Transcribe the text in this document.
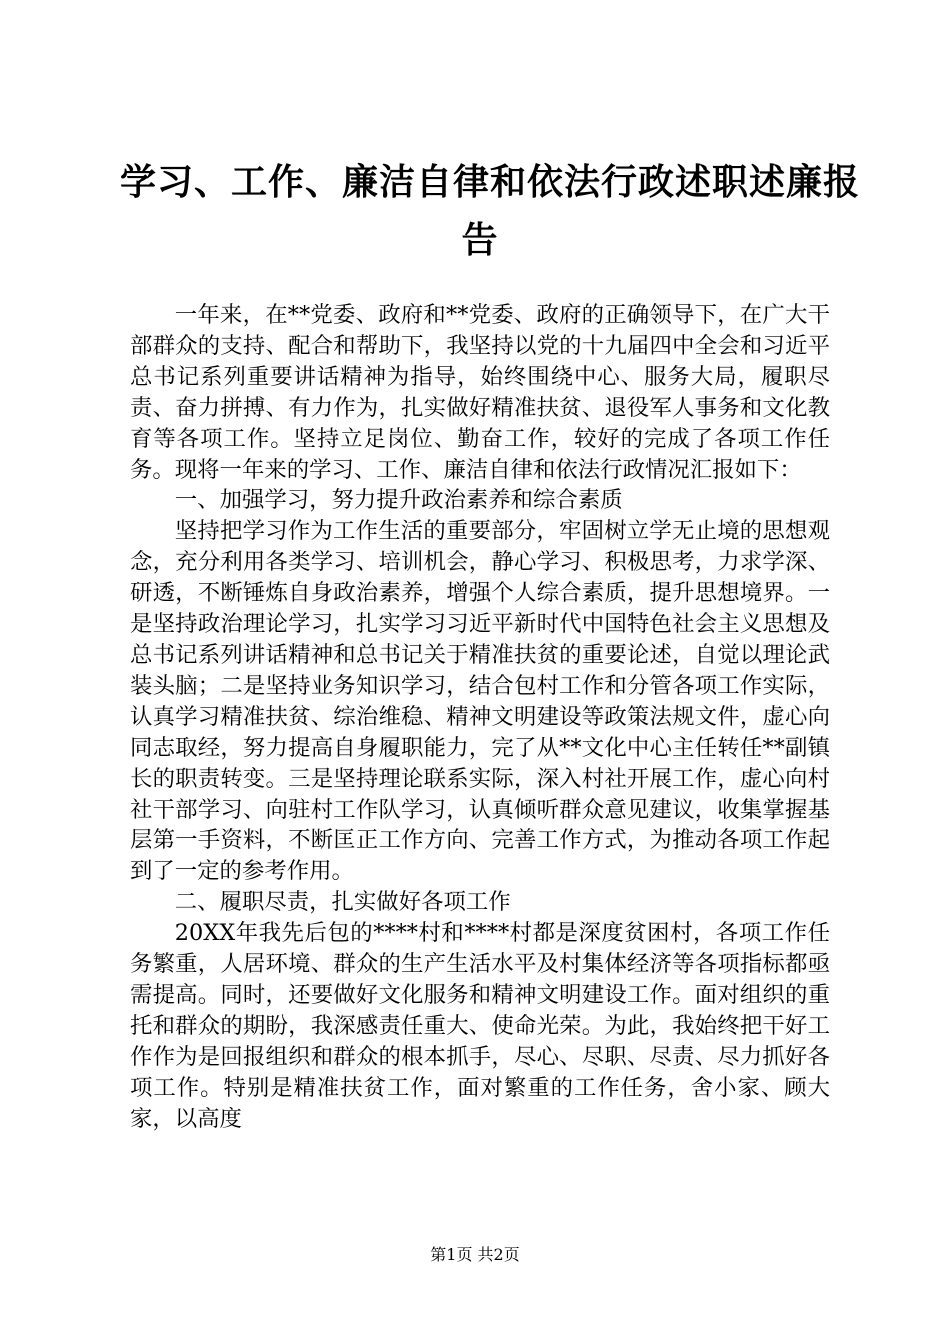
学习、工作、廉洁自律和依法行政述职述廉报
告

一年来，在**党委、政府和**党委、政府的正确领导下，在广大干部群众的支持、配合和帮助下，我坚持以党的十九届四中全会和习近平总书记系列重要讲话精神为指导，始终围绕中心、服务大局，履职尽责、奋力拼搏、有力作为，扎实做好精准扶贫、退役军人事务和文化教育等各项工作。坚持立足岗位、勤奋工作，较好的完成了各项工作任务。现将一年来的学习、工作、廉洁自律和依法行政情况汇报如下：

一、加强学习，努力提升政治素养和综合素质

坚持把学习作为工作生活的重要部分，牢固树立学无止境的思想观念，充分利用各类学习、培训机会，静心学习、积极思考，力求学深、研透，不断锤炼自身政治素养，增强个人综合素质，提升思想境界。一是坚持政治理论学习，扎实学习习近平新时代中国特色社会主义思想及总书记系列讲话精神和总书记关于精准扶贫的重要论述，自觉以理论武装头脑；二是坚持业务知识学习，结合包村工作和分管各项工作实际，认真学习精准扶贫、综治维稳、精神文明建设等政策法规文件，虚心向同志取经，努力提高自身履职能力，完了从**文化中心主任转任**副镇长的职责转变。三是坚持理论联系实际，深入村社开展工作，虚心向村社干部学习、向驻村工作队学习，认真倾听群众意见建议，收集掌握基层第一手资料，不断匡正工作方向、完善工作方式，为推动各项工作起到了一定的参考作用。

二、履职尽责，扎实做好各项工作

20XX年我先后包的****村和****村都是深度贫困村，各项工作任务繁重，人居环境、群众的生产生活水平及村集体经济等各项指标都亟需提高。同时，还要做好文化服务和精神文明建设工作。面对组织的重托和群众的期盼，我深感责任重大、使命光荣。为此，我始终把干好工作作为是回报组织和群众的根本抓手，尽心、尽职、尽责、尽力抓好各项工作。特别是精准扶贫工作，面对繁重的工作任务，舍小家、顾大家，以高度

第1页 共2页
